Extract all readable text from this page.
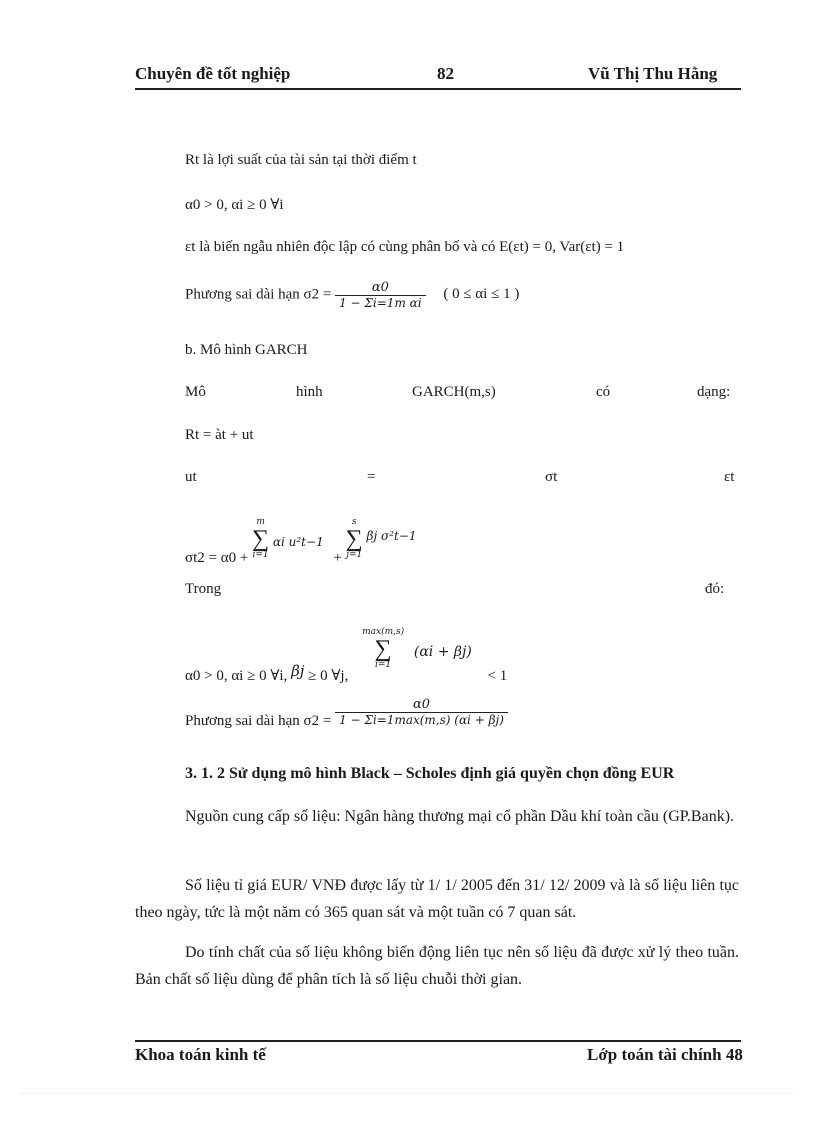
Chuyên đề tốt nghiệp	82	Vũ Thị Thu Hằng
Rt là lợi suất của tài sản tại thời điểm t
α0 > 0, αi ≥ 0 ∀i
εt là biến ngẫu nhiên độc lập có cùng phân bố và có E(εt) = 0, Var(εt) = 1
Phương sai dài hạn $\sigma 2 = \frac{\alpha 0}{\text{1 − Σi=1m αi}}$ ( 0 ≤ αi ≤ 1 )
b. Mô hình GARCH
Mô	hình	GARCH(m,s)	có	dạng:
Rt = àt + ut
ut	=	σt	εt
σt2 = α0 +
m
∑
i=1
$_{\alpha i u^2t-1}$ +
s
∑
j=1
$_{\beta j \sigma^2t-1}$
Trong	đó:
α0 > 0, αi ≥ 0 ∀i, βj ≥ 0 ∀j,
max(m,s)
∑
i=1
(αi + βj) < 1
Phương sai dài hạn $\sigma 2 = \frac{\alpha 0}{1 - \Sigma i=1\max(m,s) (\alpha i + \beta j)}$
3. 1. 2 Sử dụng mô hình Black – Scholes định giá quyền chọn đồng EUR
Nguồn cung cấp số liệu: Ngân hàng thương mại cổ phần Dầu khí toàn cầu (GP.Bank).
Số liệu tỉ giá EUR/ VNĐ được lấy từ 1/ 1/ 2005 đến 31/ 12/ 2009 và là số liệu liên tục theo ngày, tức là một năm có 365 quan sát và một tuần có 7 quan sát.
Do tính chất của số liệu không biến động liên tục nên số liệu đã được xử lý theo tuần. Bản chất số liệu dùng để phân tích là số liệu chuỗi thời gian.
Khoa toán kinh tế	Lớp toán tài chính 48
